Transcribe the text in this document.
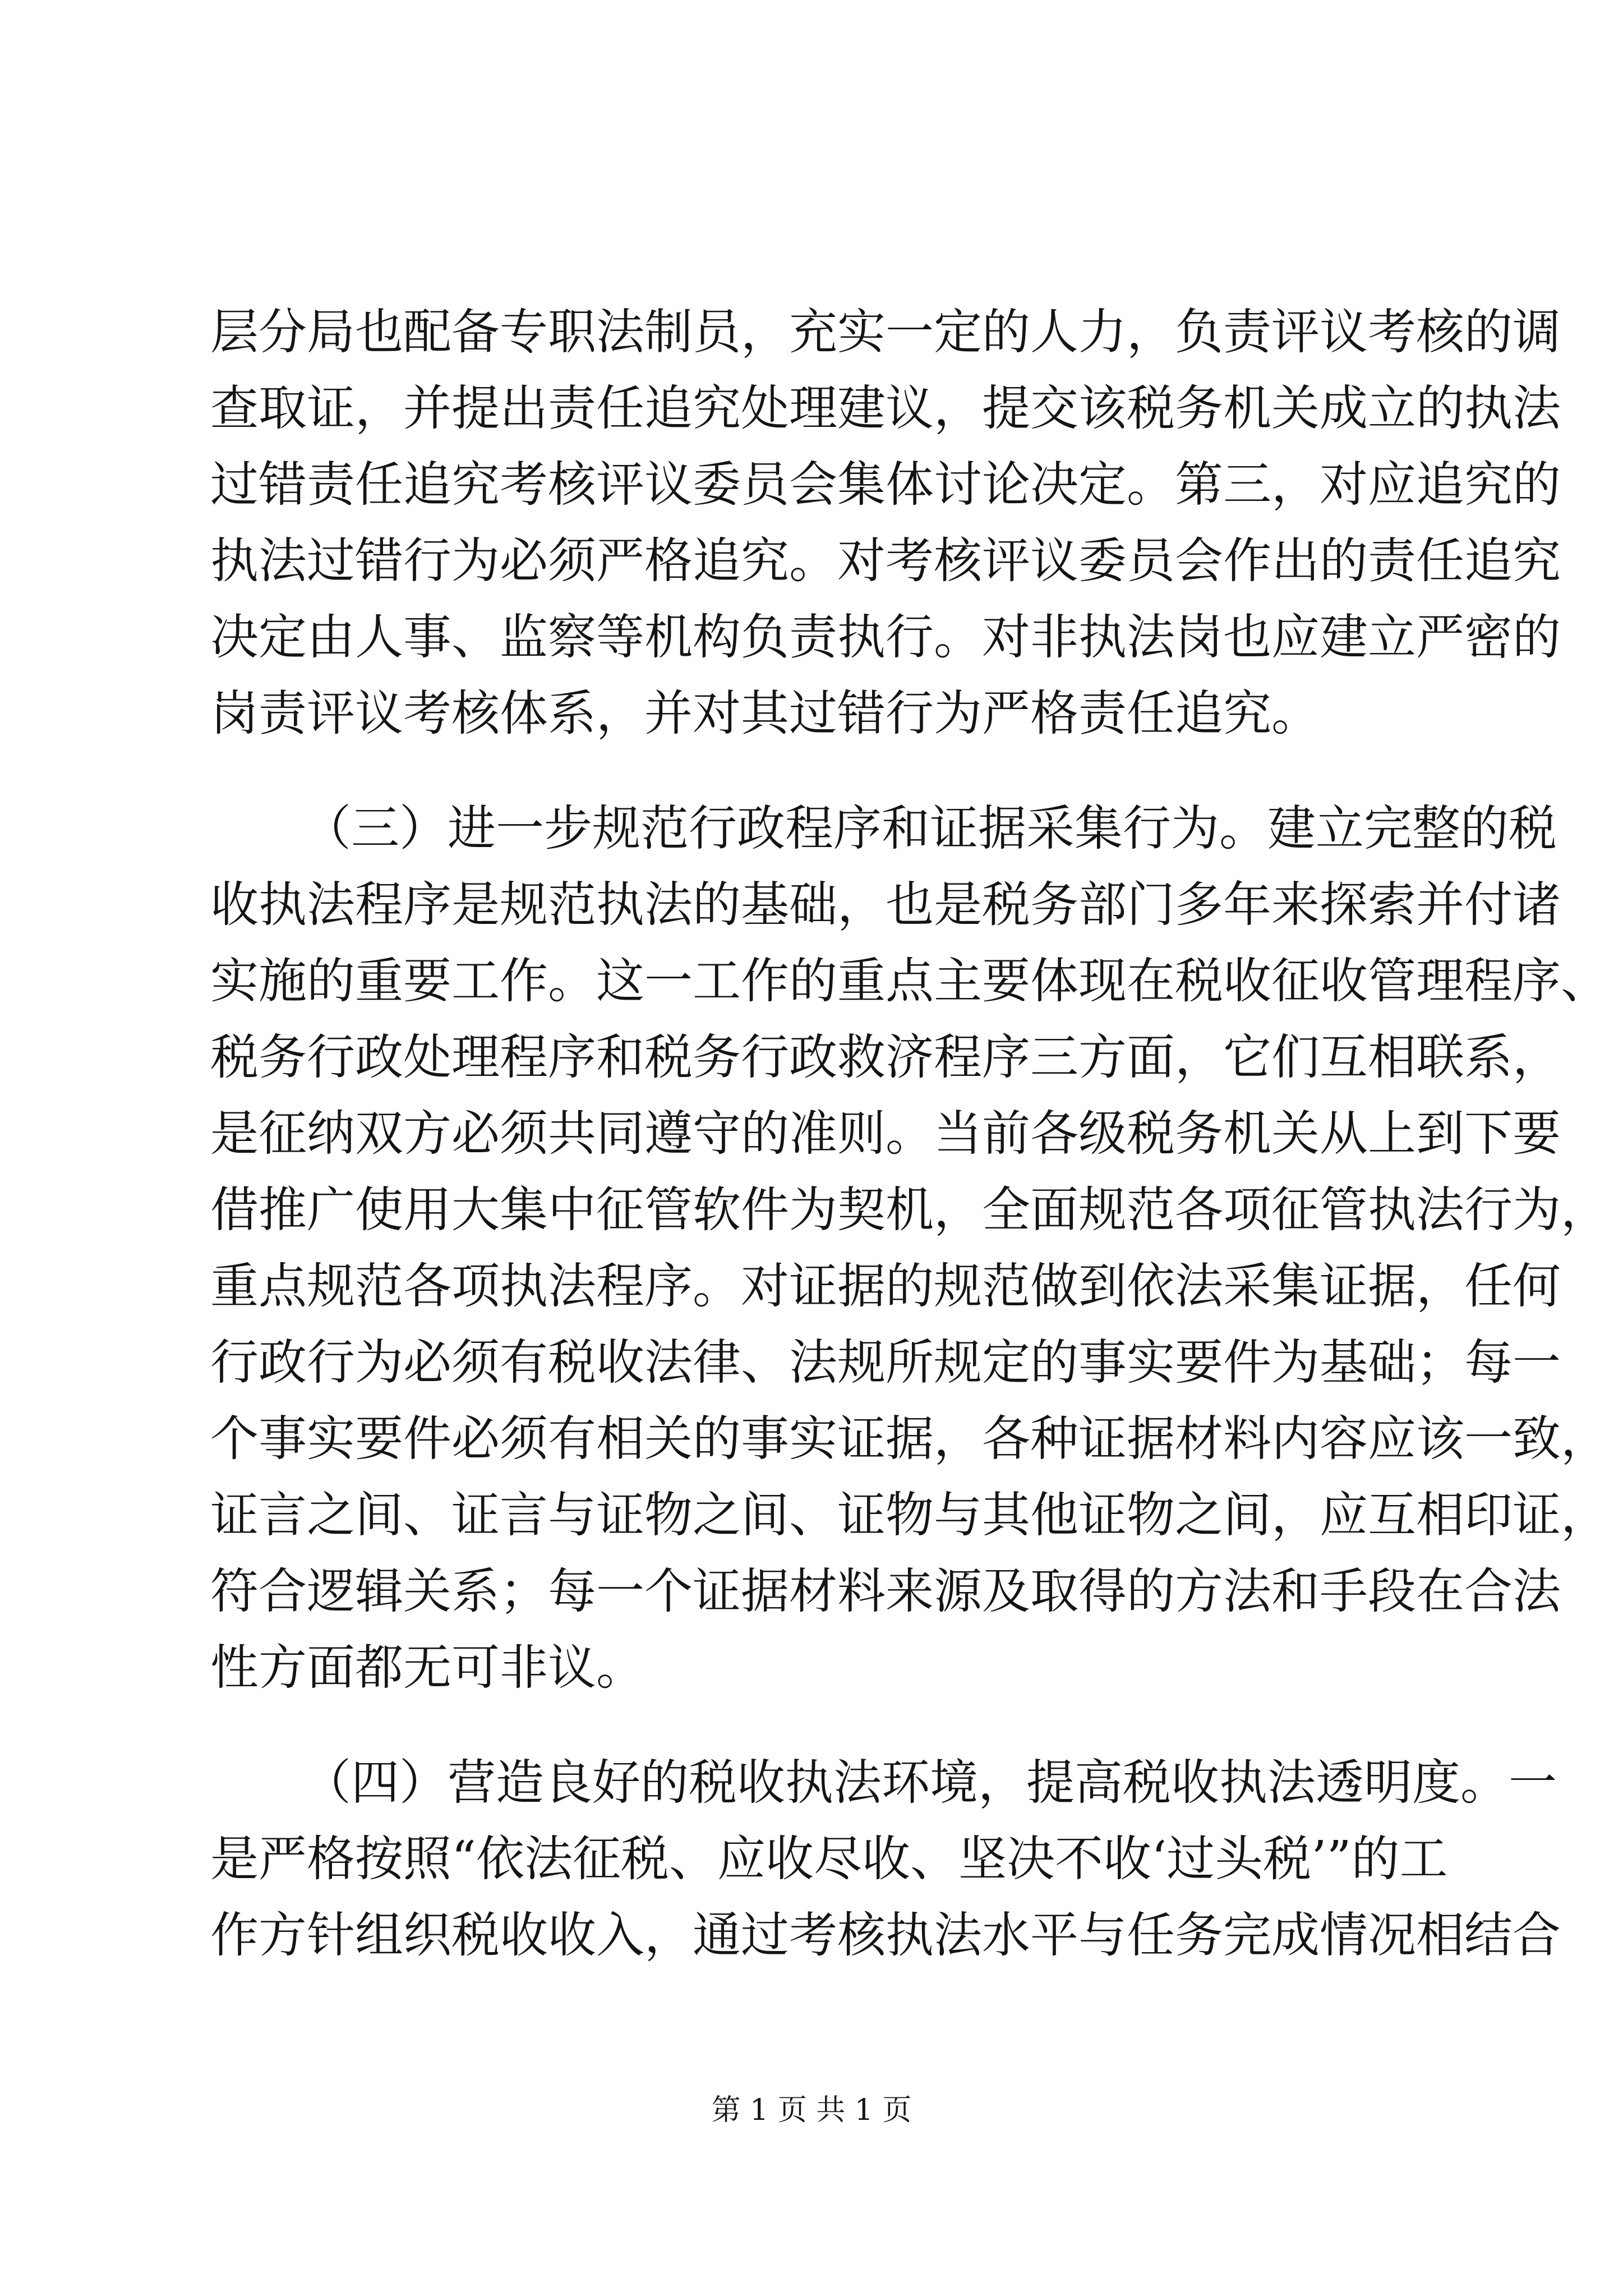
层分局也配备专职法制员，充实一定的人力，负责评议考核的调
查取证，并提出责任追究处理建议，提交该税务机关成立的执法
过错责任追究考核评议委员会集体讨论决定。第三，对应追究的
执法过错行为必须严格追究。对考核评议委员会作出的责任追究
决定由人事、监察等机构负责执行。对非执法岗也应建立严密的
岗责评议考核体系，并对其过错行为严格责任追究。
（三）进一步规范行政程序和证据采集行为。建立完整的税
收执法程序是规范执法的基础，也是税务部门多年来探索并付诸
实施的重要工作。这一工作的重点主要体现在税收征收管理程序、
税务行政处理程序和税务行政救济程序三方面，它们互相联系，
是征纳双方必须共同遵守的准则。当前各级税务机关从上到下要
借推广使用大集中征管软件为契机，全面规范各项征管执法行为，
重点规范各项执法程序。对证据的规范做到依法采集证据，任何
行政行为必须有税收法律、法规所规定的事实要件为基础；每一
个事实要件必须有相关的事实证据，各种证据材料内容应该一致，
证言之间、证言与证物之间、证物与其他证物之间，应互相印证，
符合逻辑关系；每一个证据材料来源及取得的方法和手段在合法
性方面都无可非议。
（四）营造良好的税收执法环境，提高税收执法透明度。一
是严格按照“依法征税、应收尽收、坚决不收‘过头税’”的工
作方针组织税收收入，通过考核执法水平与任务完成情况相结合
第 1 页 共 1 页
